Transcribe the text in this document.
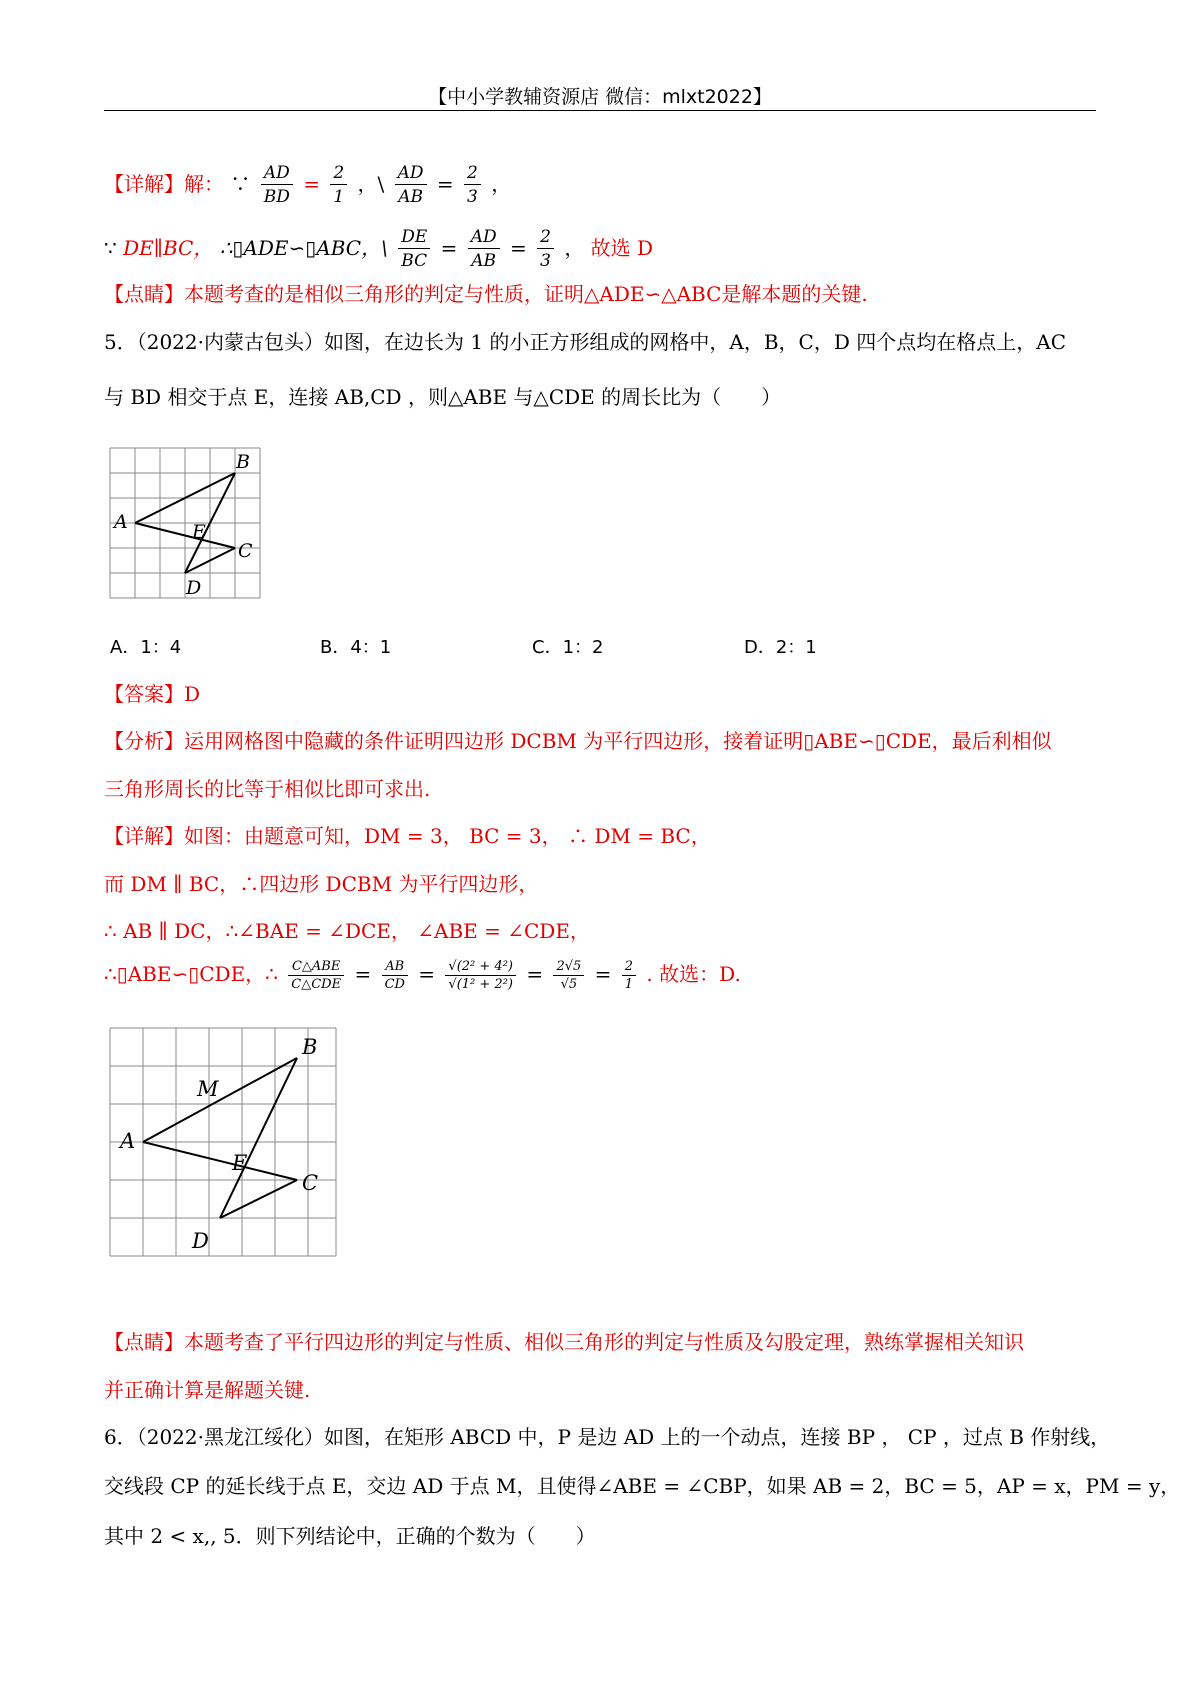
【中小学教辅资源店 微信：mlxt2022】
【详解】解： ∵ $\frac{AD}{BD} = \frac{2}{1}$ ，\ $\frac{AD}{AB} = \frac{2}{3}$ ，
∵ DE∥BC， ∴▯ADE∽▯ABC，\ $\frac{DE}{BC} = \frac{AD}{AB} = \frac{2}{3}$ ， 故选 D
【点睛】本题考查的是相似三角形的判定与性质，证明△ADE∽△ABC是解本题的关键.
5．（2022·内蒙古包头）如图，在边长为 1 的小正方形组成的网格中，A，B，C，D 四个点均在格点上，AC
与 BD 相交于点 E，连接 AB,CD ，则△ABE 与△CDE 的周长比为（　　）
A
B
C
D
E
A．1：4	B．4：1	C．1：2	D．2：1
【答案】D
【分析】运用网格图中隐藏的条件证明四边形 DCBM 为平行四边形，接着证明▯ABE∽▯CDE，最后利相似
三角形周长的比等于相似比即可求出.
【详解】如图：由题意可知，DM = 3， BC = 3， ∴ DM = BC，
而 DM ∥ BC，∴四边形 DCBM 为平行四边形，
∴ AB ∥ DC，∴∠BAE = ∠DCE， ∠ABE = ∠CDE，
∴▯ABE∽▯CDE，∴ $\frac{\text{C△ABE}}{\text{C△CDE}} = \frac{AB}{CD} = \frac{\text{√(2² + 4²)}}{\text{√(1² + 2²)}} = \frac{2√5}{√5} = \frac{2}{1}$ . 故选：D.
A
B
C
D
E
M
【点睛】本题考查了平行四边形的判定与性质、相似三角形的判定与性质及勾股定理，熟练掌握相关知识
并正确计算是解题关键.
6．（2022·黑龙江绥化）如图，在矩形 ABCD 中，P 是边 AD 上的一个动点，连接 BP ， CP ，过点 B 作射线，
交线段 CP 的延长线于点 E，交边 AD 于点 M，且使得∠ABE = ∠CBP，如果 AB = 2，BC = 5，AP = x，PM = y，
其中 2 < x,, 5．则下列结论中，正确的个数为（　　）
